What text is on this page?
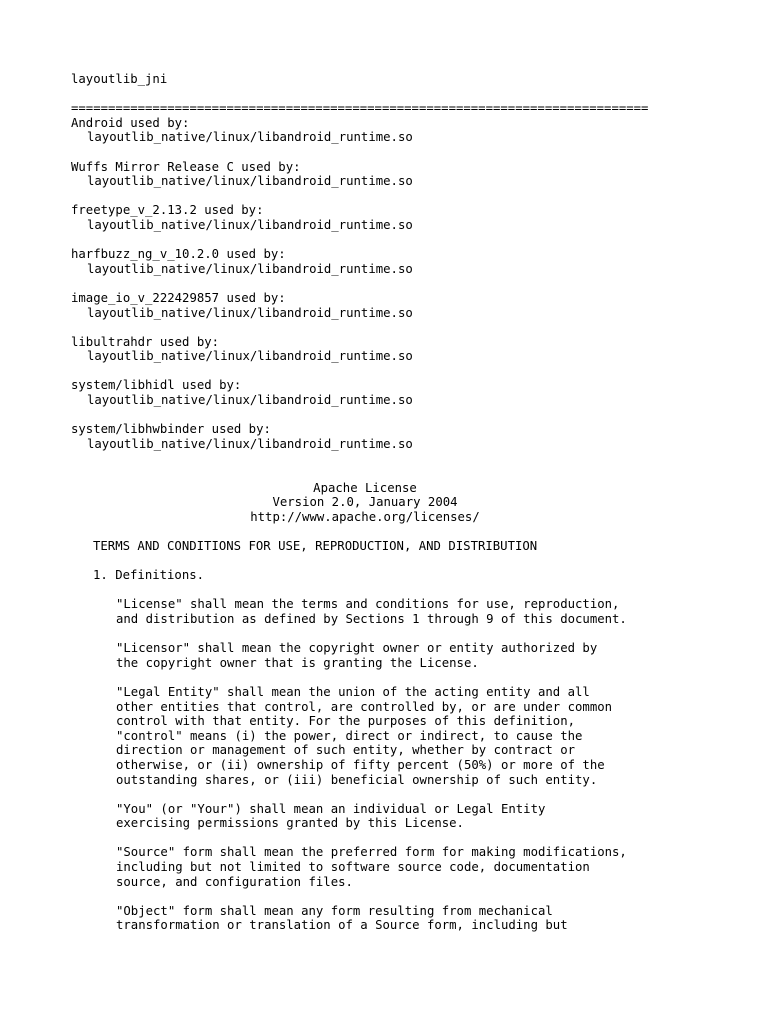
layoutlib_jni
==============================================================================
Android used by:
layoutlib_native/linux/libandroid_runtime.so
Wuffs Mirror Release C used by:
layoutlib_native/linux/libandroid_runtime.so
freetype_v_2.13.2 used by:
layoutlib_native/linux/libandroid_runtime.so
harfbuzz_ng_v_10.2.0 used by:
layoutlib_native/linux/libandroid_runtime.so
image_io_v_222429857 used by:
layoutlib_native/linux/libandroid_runtime.so
libultrahdr used by:
layoutlib_native/linux/libandroid_runtime.so
system/libhidl used by:
layoutlib_native/linux/libandroid_runtime.so
system/libhwbinder used by:
layoutlib_native/linux/libandroid_runtime.so
Apache License
Version 2.0, January 2004
http://www.apache.org/licenses/
TERMS AND CONDITIONS FOR USE, REPRODUCTION, AND DISTRIBUTION
1. Definitions.
"License" shall mean the terms and conditions for use, reproduction,
and distribution as defined by Sections 1 through 9 of this document.
"Licensor" shall mean the copyright owner or entity authorized by
the copyright owner that is granting the License.
"Legal Entity" shall mean the union of the acting entity and all
other entities that control, are controlled by, or are under common
control with that entity. For the purposes of this definition,
"control" means (i) the power, direct or indirect, to cause the
direction or management of such entity, whether by contract or
otherwise, or (ii) ownership of fifty percent (50%) or more of the
outstanding shares, or (iii) beneficial ownership of such entity.
"You" (or "Your") shall mean an individual or Legal Entity
exercising permissions granted by this License.
"Source" form shall mean the preferred form for making modifications,
including but not limited to software source code, documentation
source, and configuration files.
"Object" form shall mean any form resulting from mechanical
transformation or translation of a Source form, including but
